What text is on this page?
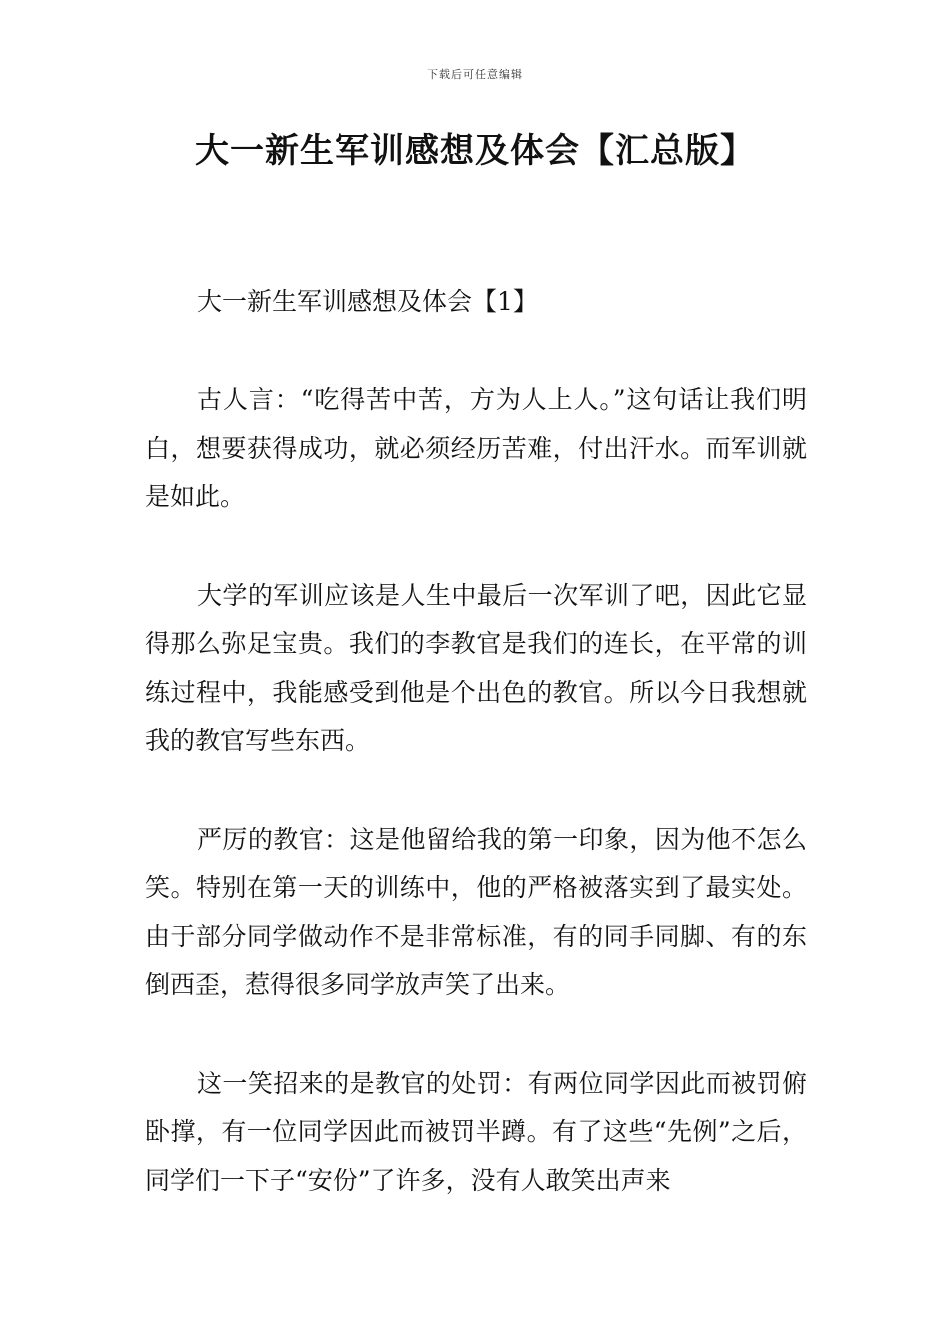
下载后可任意编辑
大一新生军训感想及体会【汇总版】
大一新生军训感想及体会【1】

古人言：“吃得苦中苦，方为人上人。”这句话让我们明白，想要获得成功，就必须经历苦难，付出汗水。而军训就是如此。

大学的军训应该是人生中最后一次军训了吧，因此它显得那么弥足宝贵。我们的李教官是我们的连长，在平常的训练过程中，我能感受到他是个出色的教官。所以今日我想就我的教官写些东西。

严厉的教官：这是他留给我的第一印象，因为他不怎么笑。特别在第一天的训练中，他的严格被落实到了最实处。由于部分同学做动作不是非常标准，有的同手同脚、有的东倒西歪，惹得很多同学放声笑了出来。

这一笑招来的是教官的处罚：有两位同学因此而被罚俯卧撑，有一位同学因此而被罚半蹲。有了这些“先例”之后，同学们一下子“安份”了许多，没有人敢笑出声来
